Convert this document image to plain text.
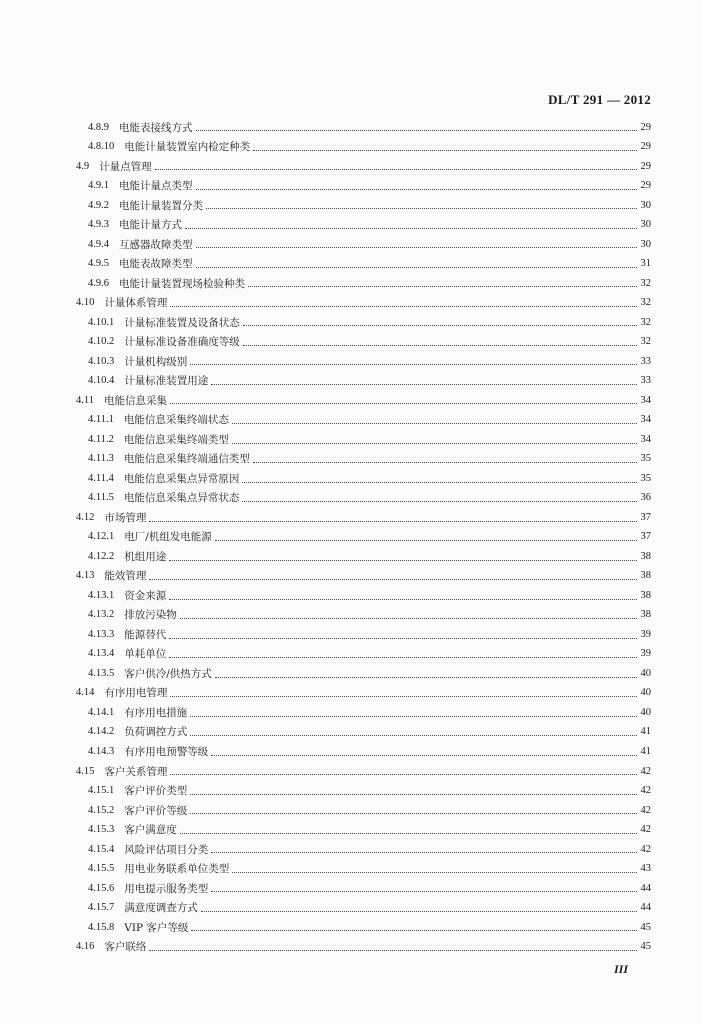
DL/T 291 — 2012
4.8.9 电能表接线方式	29
4.8.10 电能计量装置室内检定种类	29
4.9 计量点管理	29
4.9.1 电能计量点类型	29
4.9.2 电能计量装置分类	30
4.9.3 电能计量方式	30
4.9.4 互感器故障类型	30
4.9.5 电能表故障类型	31
4.9.6 电能计量装置现场检验种类	32
4.10 计量体系管理	32
4.10.1 计量标准装置及设备状态	32
4.10.2 计量标准设备准确度等级	32
4.10.3 计量机构级别	33
4.10.4 计量标准装置用途	33
4.11 电能信息采集	34
4.11.1 电能信息采集终端状态	34
4.11.2 电能信息采集终端类型	34
4.11.3 电能信息采集终端通信类型	35
4.11.4 电能信息采集点异常原因	35
4.11.5 电能信息采集点异常状态	36
4.12 市场管理	37
4.12.1 电厂/机组发电能源	37
4.12.2 机组用途	38
4.13 能效管理	38
4.13.1 资金来源	38
4.13.2 排放污染物	38
4.13.3 能源替代	39
4.13.4 单耗单位	39
4.13.5 客户供冷/供热方式	40
4.14 有序用电管理	40
4.14.1 有序用电措施	40
4.14.2 负荷调控方式	41
4.14.3 有序用电预警等级	41
4.15 客户关系管理	42
4.15.1 客户评价类型	42
4.15.2 客户评价等级	42
4.15.3 客户满意度	42
4.15.4 风险评估项目分类	42
4.15.5 用电业务联系单位类型	43
4.15.6 用电提示服务类型	44
4.15.7 满意度调查方式	44
4.15.8 VIP 客户等级	45
4.16 客户联络	45
III
